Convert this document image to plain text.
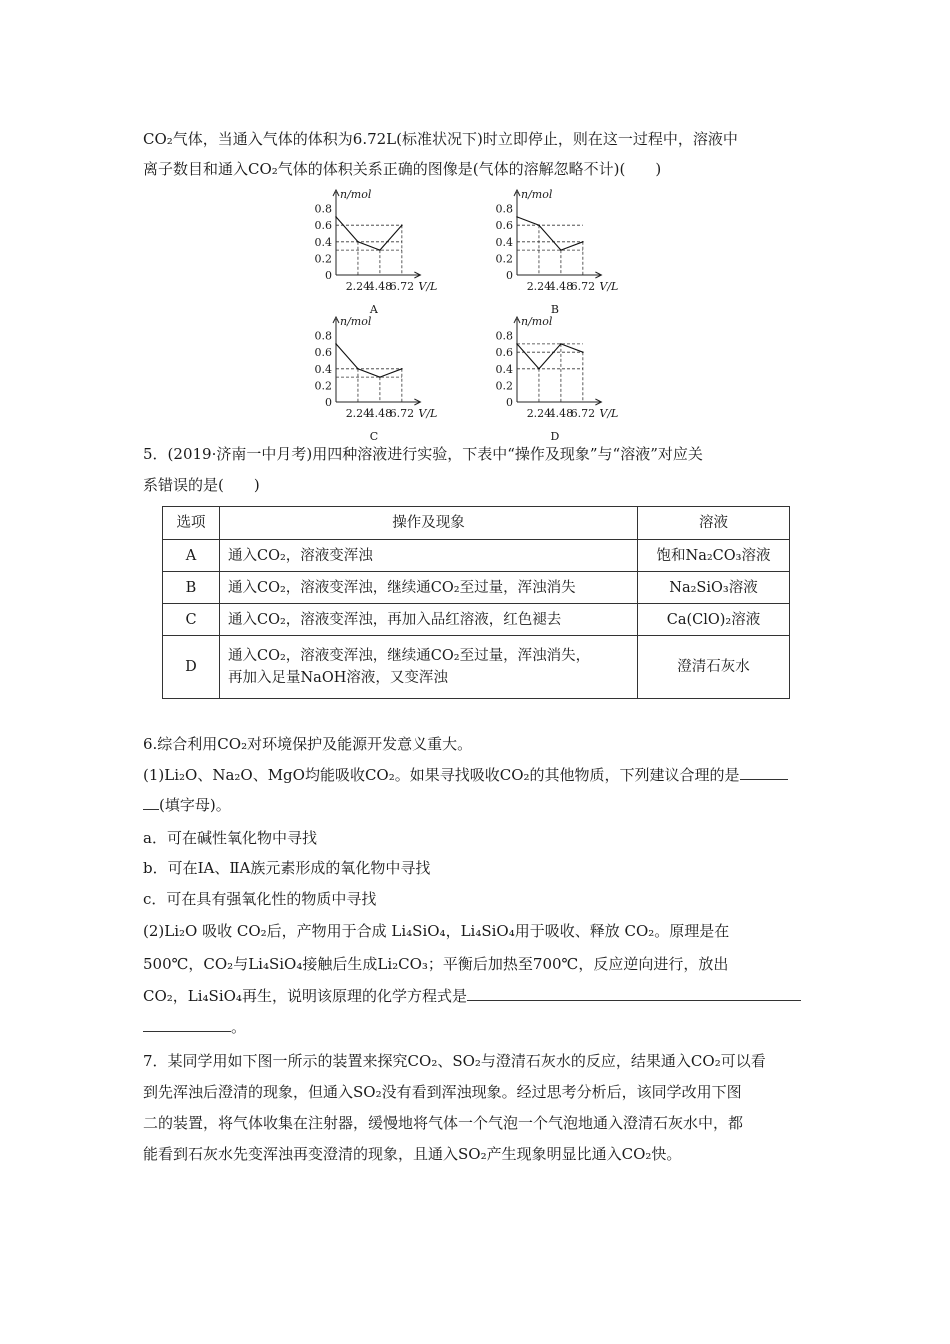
CO₂气体，当通入气体的体积为6.72L(标准状况下)时立即停止，则在这一过程中，溶液中
离子数目和通入CO₂气体的体积关系正确的图像是(气体的溶解忽略不计)(　　)
n/mol
V/L
0.8
0.6
0.4
0.2
0
2.24
4.48
6.72
A
n/mol
V/L
0.8
0.6
0.4
0.2
0
2.24
4.48
6.72
B
n/mol
V/L
0.8
0.6
0.4
0.2
0
2.24
4.48
6.72
C
n/mol
V/L
0.8
0.6
0.4
0.2
0
2.24
4.48
6.72
D
5．(2019·济南一中月考)用四种溶液进行实验，下表中“操作及现象”与“溶液”对应关
系错误的是(　　)
选项	操作及现象	溶液
A	通入CO₂，溶液变浑浊	饱和Na₂CO₃溶液
B	通入CO₂，溶液变浑浊，继续通CO₂至过量，浑浊消失	Na₂SiO₃溶液
C	通入CO₂，溶液变浑浊，再加入品红溶液，红色褪去	Ca(ClO)₂溶液
D	通入CO₂，溶液变浑浊，继续通CO₂至过量，浑浊消失，
再加入足量NaOH溶液，又变浑浊	澄清石灰水
6.综合利用CO₂对环境保护及能源开发意义重大。
(1)Li₂O、Na₂O、MgO均能吸收CO₂。如果寻找吸收CO₂的其他物质，下列建议合理的是
(填字母)。
a．可在碱性氧化物中寻找
b．可在ⅠA、ⅡA族元素形成的氧化物中寻找
c．可在具有强氧化性的物质中寻找
(2)Li₂O 吸收 CO₂后，产物用于合成 Li₄SiO₄，Li₄SiO₄用于吸收、释放 CO₂。原理是在
500℃，CO₂与Li₄SiO₄接触后生成Li₂CO₃；平衡后加热至700℃，反应逆向进行，放出
CO₂，Li₄SiO₄再生，说明该原理的化学方程式是
。
7．某同学用如下图一所示的装置来探究CO₂、SO₂与澄清石灰水的反应，结果通入CO₂可以看
到先浑浊后澄清的现象，但通入SO₂没有看到浑浊现象。经过思考分析后，该同学改用下图
二的装置，将气体收集在注射器，缓慢地将气体一个气泡一个气泡地通入澄清石灰水中，都
能看到石灰水先变浑浊再变澄清的现象，且通入SO₂产生现象明显比通入CO₂快。
